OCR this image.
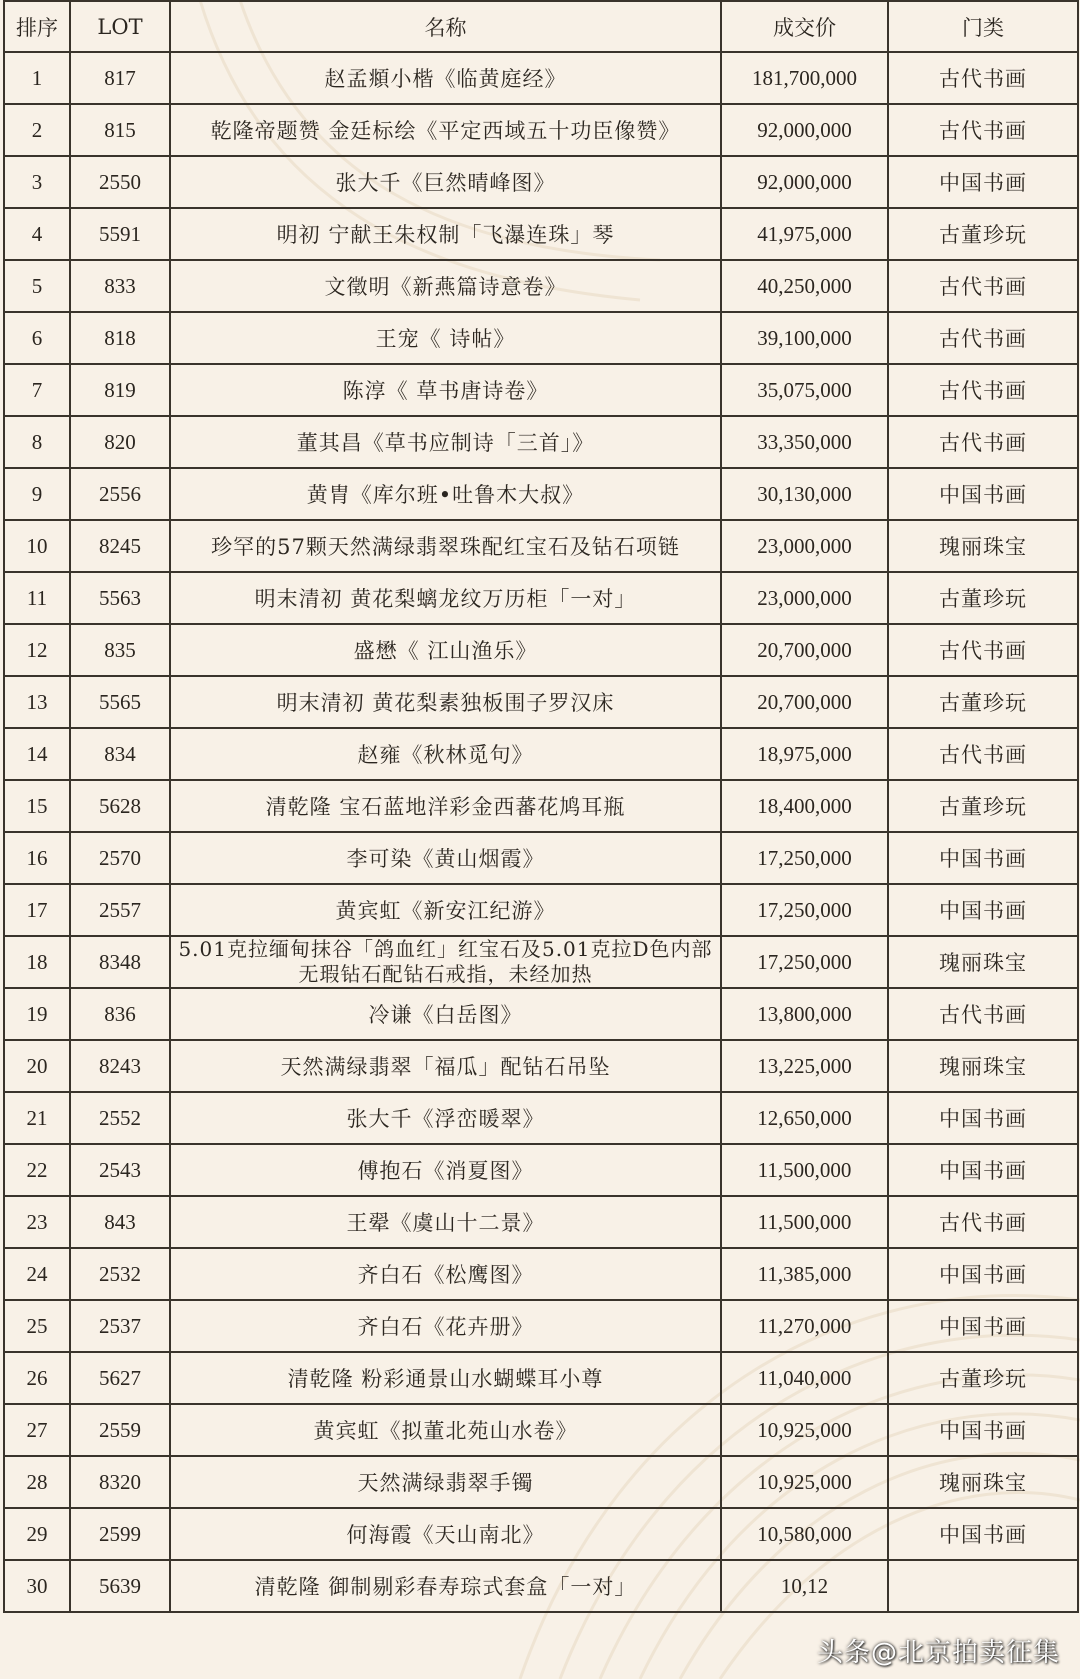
排序	LOT	名称	成交价	门类
1	817	赵孟頫小楷《临黄庭经》	181,700,000	古代书画
2	815	乾隆帝题赞 金廷标绘《平定西域五十功臣像赞》	92,000,000	古代书画
3	2550	张大千《巨然晴峰图》	92,000,000	中国书画
4	5591	明初 宁献王朱权制「飞瀑连珠」琴	41,975,000	古董珍玩
5	833	文徵明《新燕篇诗意卷》	40,250,000	古代书画
6	818	王宠《 诗帖》	39,100,000	古代书画
7	819	陈淳《 草书唐诗卷》	35,075,000	古代书画
8	820	董其昌《草书应制诗「三首」》	33,350,000	古代书画
9	2556	黄胄《库尔班•吐鲁木大叔》	30,130,000	中国书画
10	8245	珍罕的57颗天然满绿翡翠珠配红宝石及钻石项链	23,000,000	瑰丽珠宝
11	5563	明末清初 黄花梨螭龙纹万历柜「一对」	23,000,000	古董珍玩
12	835	盛懋《 江山渔乐》	20,700,000	古代书画
13	5565	明末清初 黄花梨素独板围子罗汉床	20,700,000	古董珍玩
14	834	赵雍《秋林觅句》	18,975,000	古代书画
15	5628	清乾隆 宝石蓝地洋彩金西蕃花鸠耳瓶	18,400,000	古董珍玩
16	2570	李可染《黄山烟霞》	17,250,000	中国书画
17	2557	黄宾虹《新安江纪游》	17,250,000	中国书画
18	8348	5.01克拉缅甸抹谷「鸽血红」红宝石及5.01克拉D色内部无瑕钻石配钻石戒指，未经加热	17,250,000	瑰丽珠宝
19	836	冷谦《白岳图》	13,800,000	古代书画
20	8243	天然满绿翡翠「福瓜」配钻石吊坠	13,225,000	瑰丽珠宝
21	2552	张大千《浮峦暖翠》	12,650,000	中国书画
22	2543	傅抱石《消夏图》	11,500,000	中国书画
23	843	王翚《虞山十二景》	11,500,000	古代书画
24	2532	齐白石《松鹰图》	11,385,000	中国书画
25	2537	齐白石《花卉册》	11,270,000	中国书画
26	5627	清乾隆 粉彩通景山水蝴蝶耳小尊	11,040,000	古董珍玩
27	2559	黄宾虹《拟董北苑山水卷》	10,925,000	中国书画
28	8320	天然满绿翡翠手镯	10,925,000	瑰丽珠宝
29	2599	何海霞《天山南北》	10,580,000	中国书画
30	5639	清乾隆 御制剔彩春寿琮式套盒「一对」	10,12	
头条@北京拍卖征集
